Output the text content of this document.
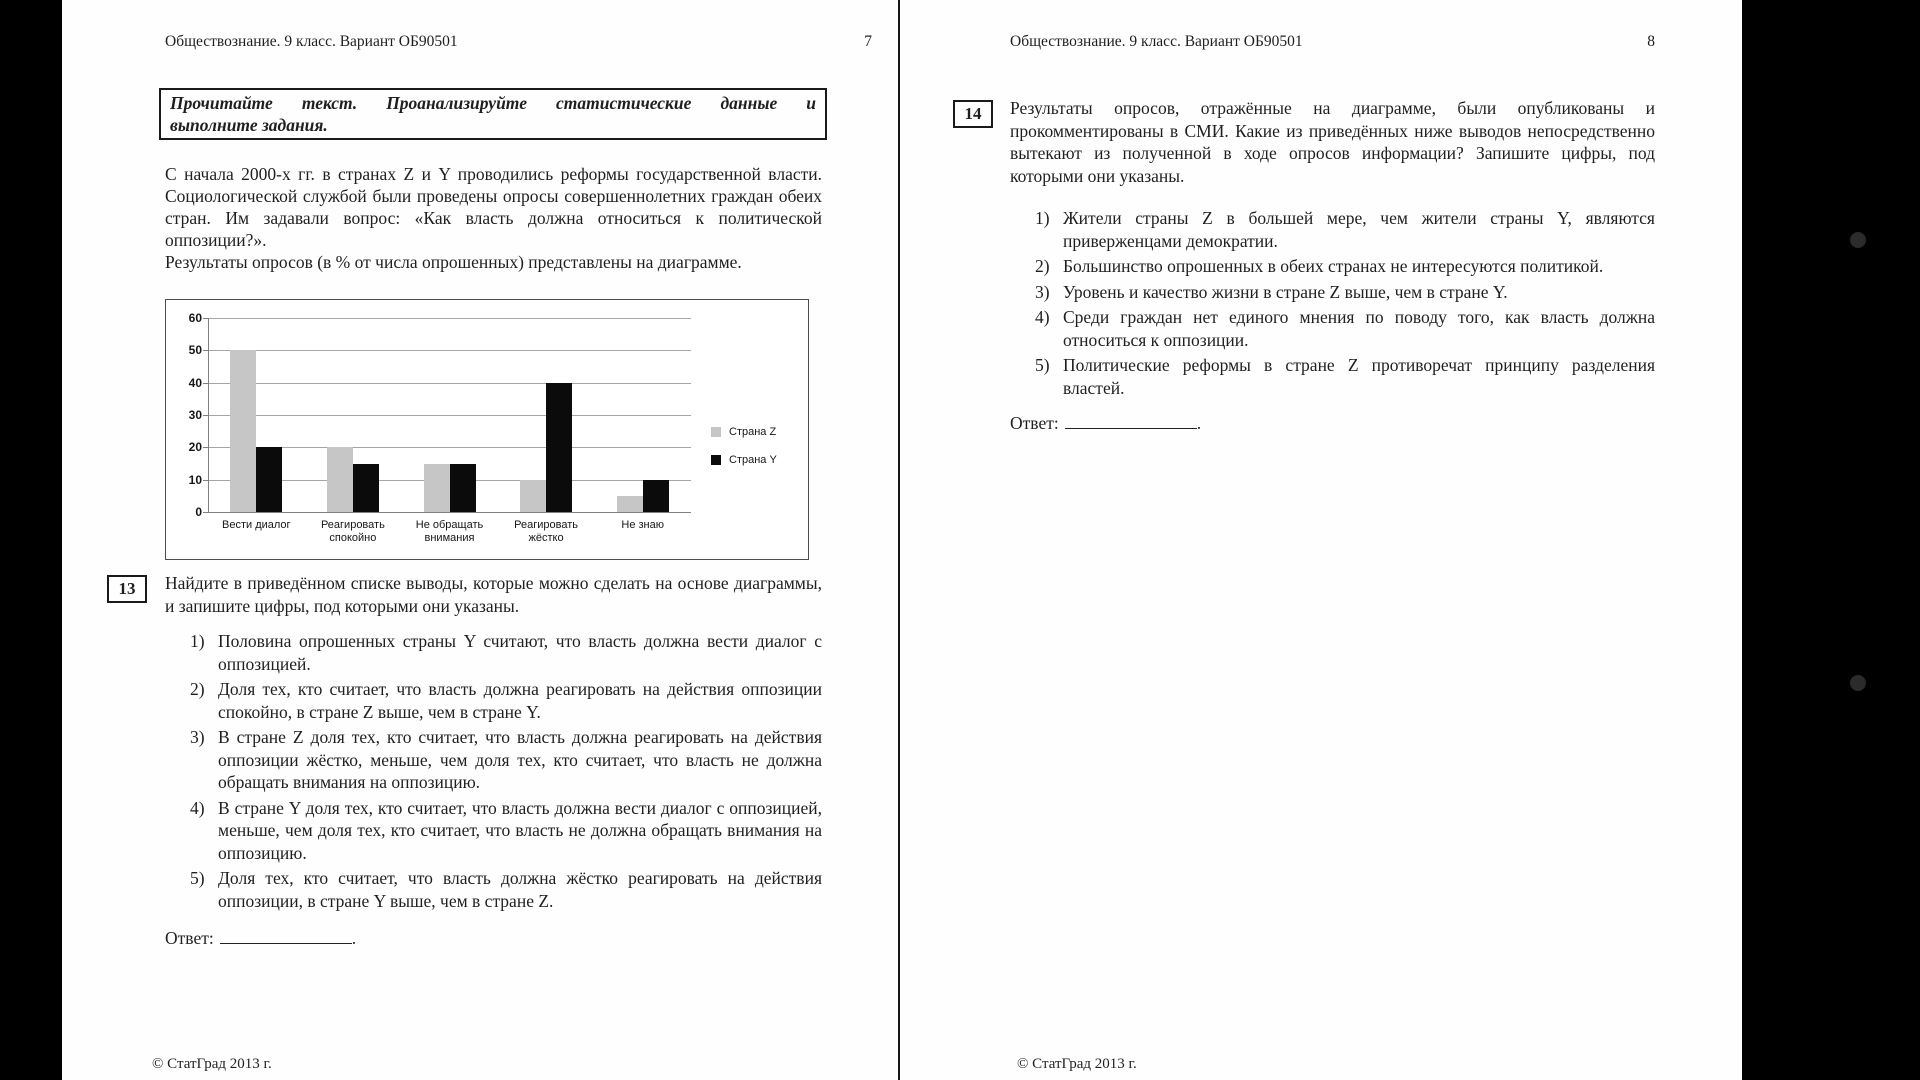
Обществознание. 9 класс. Вариант ОБ90501	7
Прочитайте текст. Проанализируйте статистические данные и
выполните задания.
С начала 2000-х гг. в странах Z и Y проводились реформы государственной власти. Социологической службой были проведены опросы совершеннолетних граждан обеих стран. Им задавали вопрос: «Как власть должна относиться к политической оппозиции?».
Результаты опросов (в % от числа опрошенных) представлены на диаграмме.
0
10
20
30
40
50
60
Вести диалог	Реагировать спокойно
Не обращать внимания
Реагировать жёстко
Не знаю
Страна Z
Страна Y
13	Найдите в приведённом списке выводы, которые можно сделать на основе диаграммы, и запишите цифры, под которыми они указаны.
1) Половина опрошенных страны Y считают, что власть должна вести диалог с оппозицией.
2) Доля тех, кто считает, что власть должна реагировать на действия оппозиции спокойно, в стране Z выше, чем в стране Y.
3) В стране Z доля тех, кто считает, что власть должна реагировать на действия оппозиции жёстко, меньше, чем доля тех, кто считает, что власть не должна обращать внимания на оппозицию.
4) В стране Y доля тех, кто считает, что власть должна вести диалог с оппозицией, меньше, чем доля тех, кто считает, что власть не должна обращать внимания на оппозицию.
5) Доля тех, кто считает, что власть должна жёстко реагировать на действия оппозиции, в стране Y выше, чем в стране Z.
Ответ:	.
© СтатГрад 2013 г.
Обществознание. 9 класс. Вариант ОБ90501	8
14	Результаты опросов, отражённые на диаграмме, были опубликованы и прокомментированы в СМИ. Какие из приведённых ниже выводов непосредственно вытекают из полученной в ходе опросов информации? Запишите цифры, под которыми они указаны.
1) Жители страны Z в большей мере, чем жители страны Y, являются приверженцами демократии.
2) Большинство опрошенных в обеих странах не интересуются политикой.
3) Уровень и качество жизни в стране Z выше, чем в стране Y.
4) Среди граждан нет единого мнения по поводу того, как власть должна относиться к оппозиции.
5) Политические реформы в стране Z противоречат принципу разделения властей.
Ответ:	.
© СтатГрад 2013 г.
